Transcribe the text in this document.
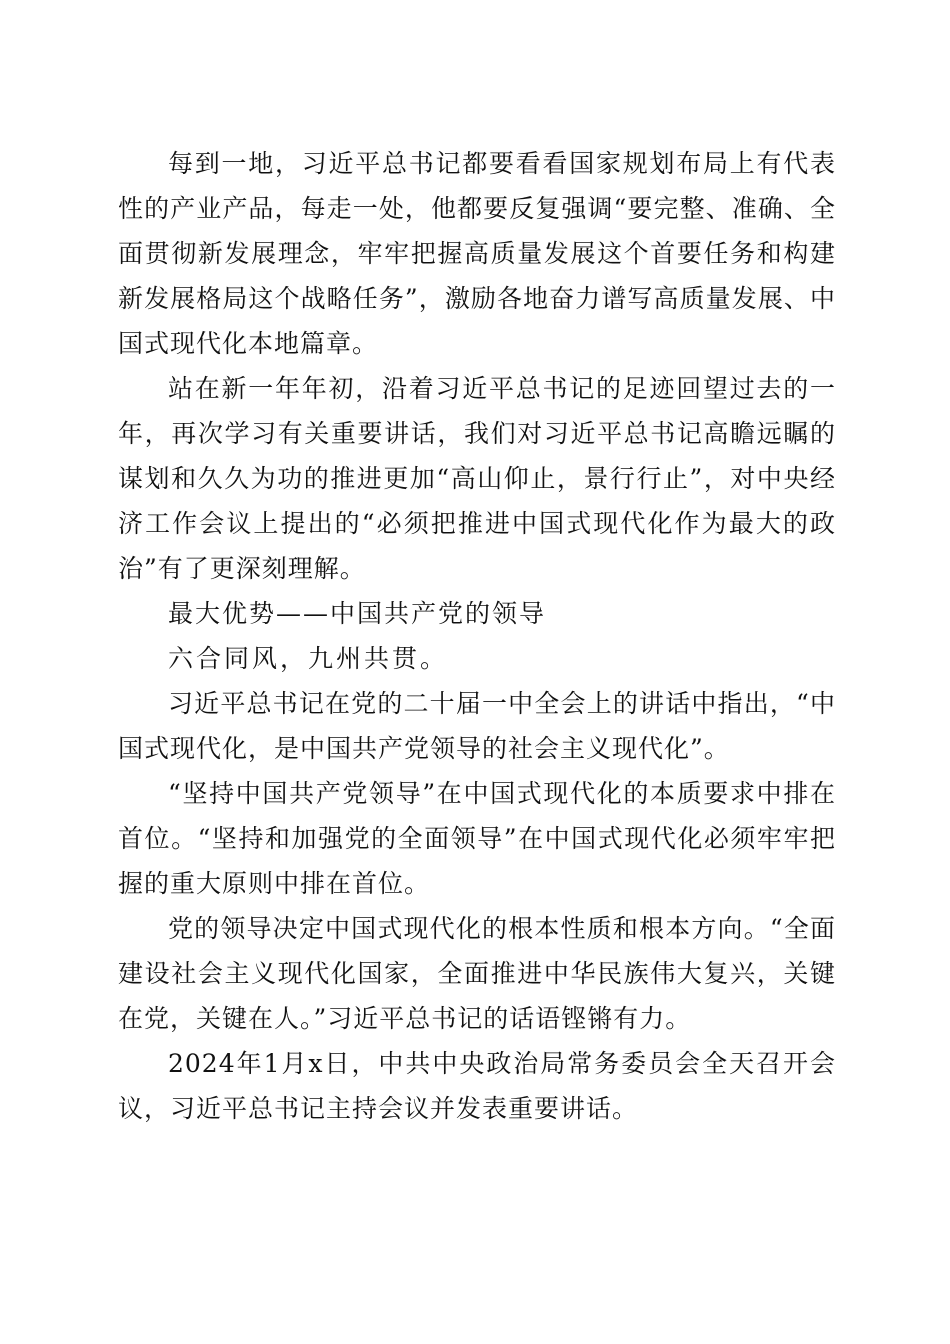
每到一地，习近平总书记都要看看国家规划布局上有代表性的产业产品，每走一处，他都要反复强调“要完整、准确、全面贯彻新发展理念，牢牢把握高质量发展这个首要任务和构建新发展格局这个战略任务”，激励各地奋力谱写高质量发展、中国式现代化本地篇章。

站在新一年年初，沿着习近平总书记的足迹回望过去的一年，再次学习有关重要讲话，我们对习近平总书记高瞻远瞩的谋划和久久为功的推进更加“高山仰止，景行行止”，对中央经济工作会议上提出的“必须把推进中国式现代化作为最大的政治”有了更深刻理解。

最大优势——中国共产党的领导

六合同风，九州共贯。

习近平总书记在党的二十届一中全会上的讲话中指出，“中国式现代化，是中国共产党领导的社会主义现代化”。

“坚持中国共产党领导”在中国式现代化的本质要求中排在首位。“坚持和加强党的全面领导”在中国式现代化必须牢牢把握的重大原则中排在首位。

党的领导决定中国式现代化的根本性质和根本方向。“全面建设社会主义现代化国家，全面推进中华民族伟大复兴，关键在党，关键在人。”习近平总书记的话语铿锵有力。

2024年1月x日，中共中央政治局常务委员会全天召开会议，习近平总书记主持会议并发表重要讲话。
